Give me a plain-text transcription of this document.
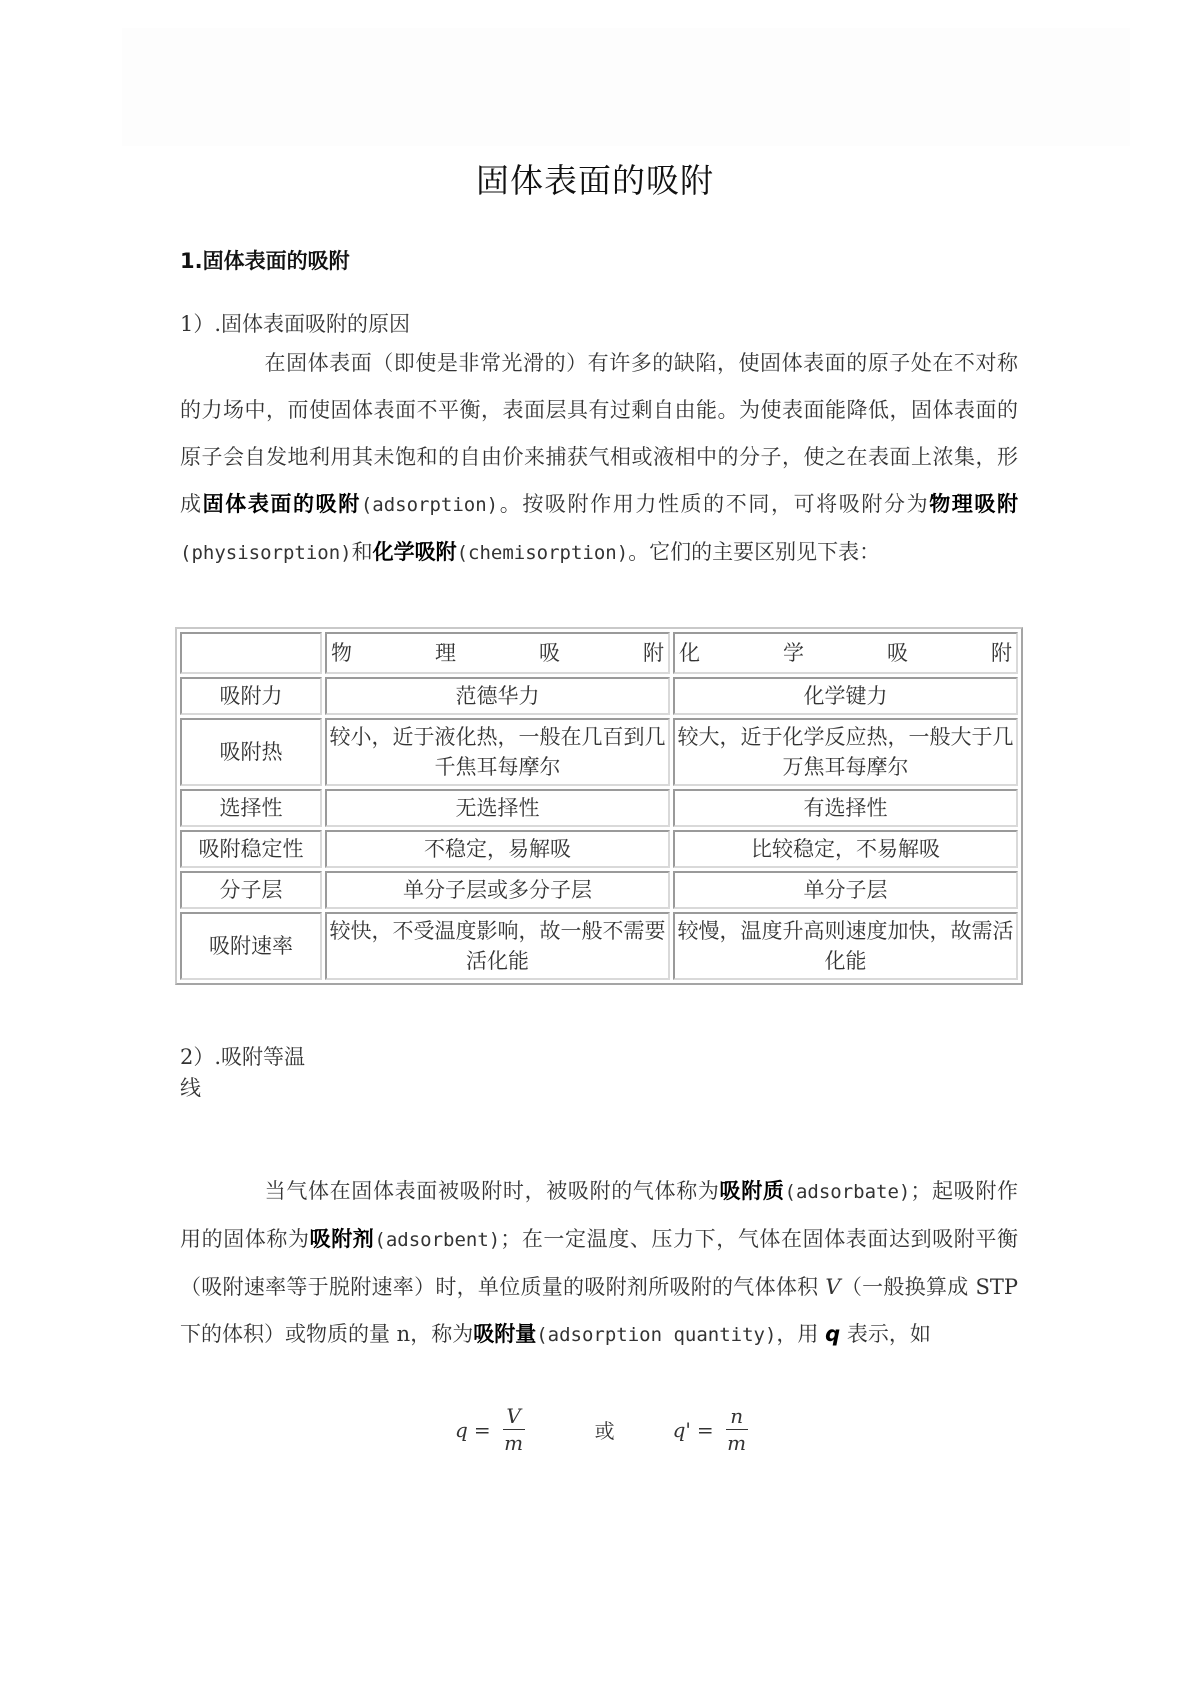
固体表面的吸附
1.固体表面的吸附
1）.固体表面吸附的原因
在固体表面（即使是非常光滑的）有许多的缺陷，使固体表面的原子处在不对称的力场中，而使固体表面不平衡，表面层具有过剩自由能。为使表面能降低，固体表面的原子会自发地利用其未饱和的自由价来捕获气相或液相中的分子，使之在表面上浓集，形成固体表面的吸附(adsorption)。按吸附作用力性质的不同，可将吸附分为物理吸附(physisorption)和化学吸附(chemisorption)。它们的主要区别见下表：
	物理吸附	化学吸附
吸附力	范德华力	化学键力
吸附热	较小，近于液化热，一般在几百到几千焦耳每摩尔	较大，近于化学反应热，一般大于几万焦耳每摩尔
选择性	无选择性	有选择性
吸附稳定性	不稳定，易解吸	比较稳定，不易解吸
分子层	单分子层或多分子层	单分子层
吸附速率	较快，不受温度影响，故一般不需要活化能	较慢，温度升高则速度加快，故需活化能
2）.吸附等温
线
当气体在固体表面被吸附时，被吸附的气体称为吸附质(adsorbate)；起吸附作用的固体称为吸附剂(adsorbent)；在一定温度、压力下，气体在固体表面达到吸附平衡（吸附速率等于脱附速率）时，单位质量的吸附剂所吸附的气体体积 V（一般换算成 STP 下的体积）或物质的量 n，称为吸附量(adsorption quantity)，用 q 表示，如
$q = \frac{V}{m}$	或	$q' = \frac{n}{m}$
